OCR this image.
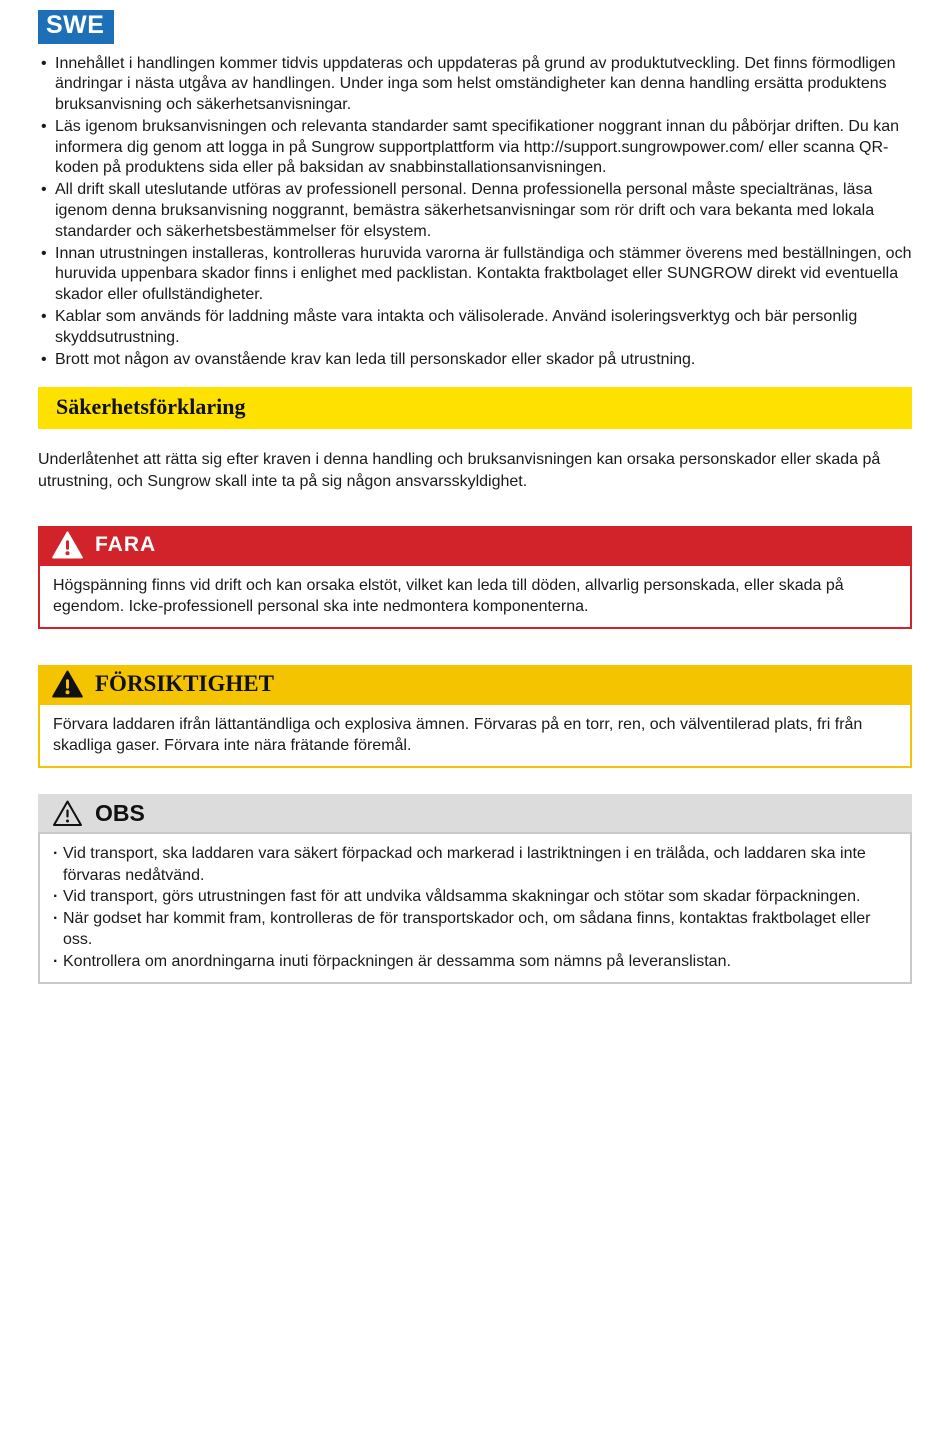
SWE
• Innehållet i handlingen kommer tidvis uppdateras och uppdateras på grund av produktutveckling. Det finns förmodligen ändringar i nästa utgåva av handlingen. Under inga som helst omständigheter kan denna handling ersätta produktens bruksanvisning och säkerhetsanvisningar.
• Läs igenom bruksanvisningen och relevanta standarder samt specifikationer noggrant innan du påbörjar driften. Du kan informera dig genom att logga in på Sungrow supportplattform via http://support.sungrowpower.com/ eller scanna QR-koden på produktens sida eller på baksidan av snabbinstallationsanvisningen.
• All drift skall uteslutande utföras av professionell personal. Denna professionella personal måste specialtränas, läsa igenom denna bruksanvisning noggrannt, bemästra säkerhetsanvisningar som rör drift och vara bekanta med lokala standarder och säkerhetsbestämmelser för elsystem.
• Innan utrustningen installeras, kontrolleras huruvida varorna är fullständiga och stämmer överens med beställningen, och huruvida uppenbara skador finns i enlighet med packlistan. Kontakta fraktbolaget eller SUNGROW direkt vid eventuella skador eller ofullständigheter.
• Kablar som används för laddning måste vara intakta och välisolerade. Använd isoleringsverktyg och bär personlig skyddsutrustning.
• Brott mot någon av ovanstående krav kan leda till personskador eller skador på utrustning.
Säkerhetsförklaring
Underlåtenhet att rätta sig efter kraven i denna handling och bruksanvisningen kan orsaka personskador eller skada på utrustning, och Sungrow skall inte ta på sig någon ansvarsskyldighet.
FARA
Högspänning finns vid drift och kan orsaka elstöt, vilket kan leda till döden, allvarlig personskada, eller skada på egendom. Icke-professionell personal ska inte nedmontera komponenterna.
FÖRSIKTIGHET
Förvara laddaren ifrån lättantändliga och explosiva ämnen. Förvaras på en torr, ren, och välventilerad plats, fri från skadliga gaser. Förvara inte nära frätande föremål.
OBS
· Vid transport, ska laddaren vara säkert förpackad och markerad i lastriktningen i en trälåda, och laddaren ska inte förvaras nedåtvänd.
· Vid transport, görs utrustningen fast för att undvika våldsamma skakningar och stötar som skadar förpackningen.
· När godset har kommit fram, kontrolleras de för transportskador och, om sådana finns, kontaktas fraktbolaget eller oss.
· Kontrollera om anordningarna inuti förpackningen är dessamma som nämns på leveranslistan.
